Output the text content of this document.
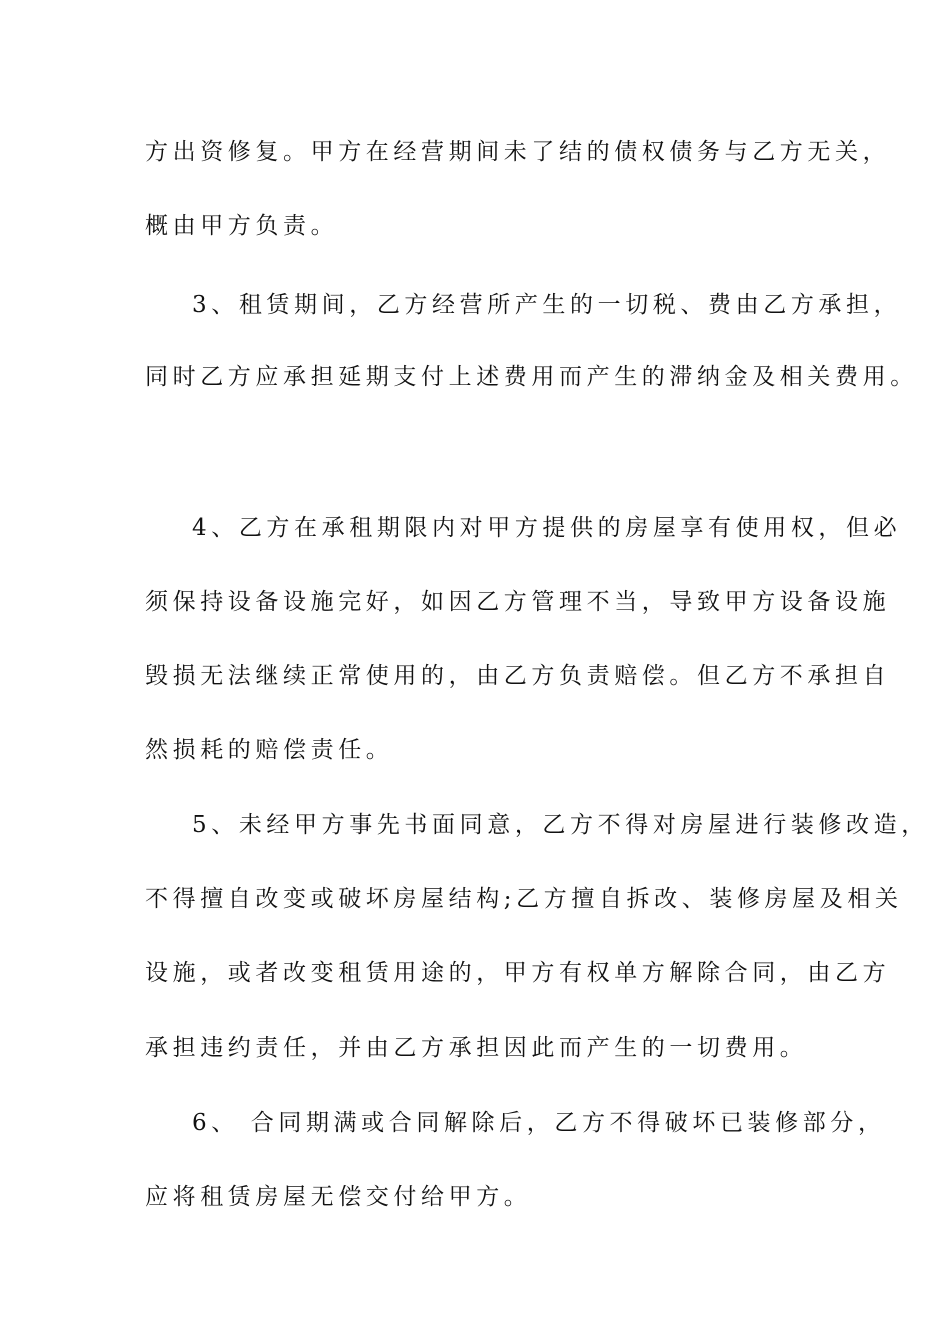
方出资修复。甲方在经营期间未了结的债权债务与乙方无关，
概由甲方负责。
3、租赁期间，乙方经营所产生的一切税、费由乙方承担，
同时乙方应承担延期支付上述费用而产生的滞纳金及相关费用。
4、乙方在承租期限内对甲方提供的房屋享有使用权，但必
须保持设备设施完好，如因乙方管理不当，导致甲方设备设施
毁损无法继续正常使用的，由乙方负责赔偿。但乙方不承担自
然损耗的赔偿责任。
5、未经甲方事先书面同意，乙方不得对房屋进行装修改造，
不得擅自改变或破坏房屋结构;乙方擅自拆改、装修房屋及相关
设施，或者改变租赁用途的，甲方有权单方解除合同，由乙方
承担违约责任，并由乙方承担因此而产生的一切费用。
6、 合同期满或合同解除后，乙方不得破坏已装修部分，
应将租赁房屋无偿交付给甲方。
